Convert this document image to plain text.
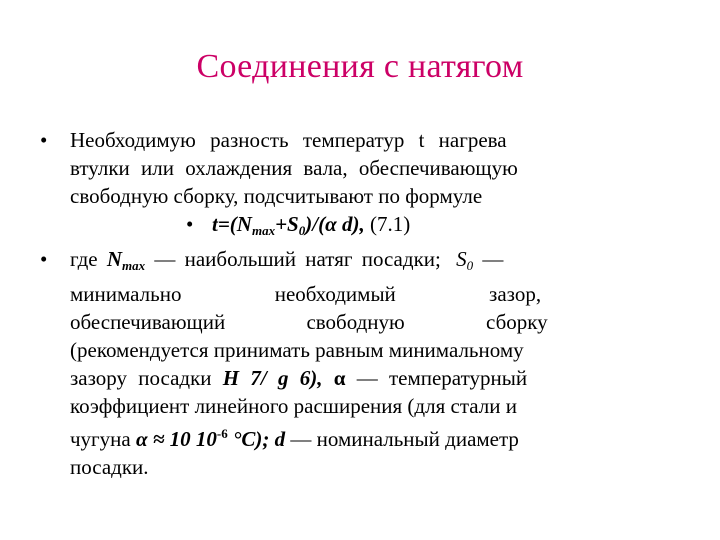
Соединения с натягом
• Необходимую разность температур t нагрева
втулки или охлаждения вала, обеспечивающую
свободную сборку, подсчитывают по формуле
• $t=(N_{max}+S_0)/(\alpha$ d), (7.1)
• где $N_{max}$ — наибольший натяг посадки; $S_0$ —
минимально необходимый зазор,
обеспечивающий свободную сборку
(рекомендуется принимать равным минимальному
зазору посадки H 7/ g 6), α — температурный
коэффициент линейного расширения (для стали и
чугуна α ≈ 10 $10^{-6}$ °C); d — номинальный диаметр
посадки.
